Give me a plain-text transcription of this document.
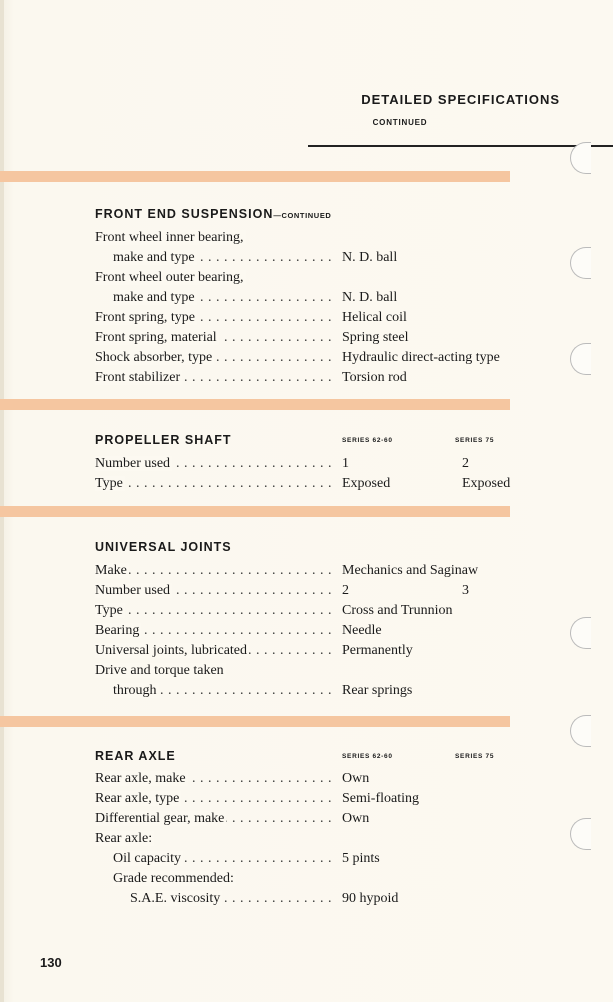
DETAILED SPECIFICATIONS
CONTINUED
FRONT END SUSPENSION—CONTINUED
Front wheel inner bearing,
make and type . . .	N. D. ball
Front wheel outer bearing,
make and type . . .	N. D. ball
Front spring, type . . .	Helical coil
Front spring, material . . .	Spring steel
Shock absorber, type . . .	Hydraulic direct-acting type
Front stabilizer . . .	Torsion rod
PROPELLER SHAFT	SERIES 62-60	SERIES 75
Number used . . .	1	2
Type . . .	Exposed	Exposed
UNIVERSAL JOINTS
Make . . .	Mechanics and Saginaw
Number used . . .	2	3
Type . . .	Cross and Trunnion
Bearing . . .	Needle
Universal joints, lubricated . . .	Permanently
Drive and torque taken
through . . .	Rear springs
REAR AXLE	SERIES 62-60	SERIES 75
Rear axle, make . . .	Own
Rear axle, type . . .	Semi-floating
Differential gear, make . . .	Own
Rear axle:
Oil capacity . . .	5 pints
Grade recommended:
S.A.E. viscosity . . .	90 hypoid
130
